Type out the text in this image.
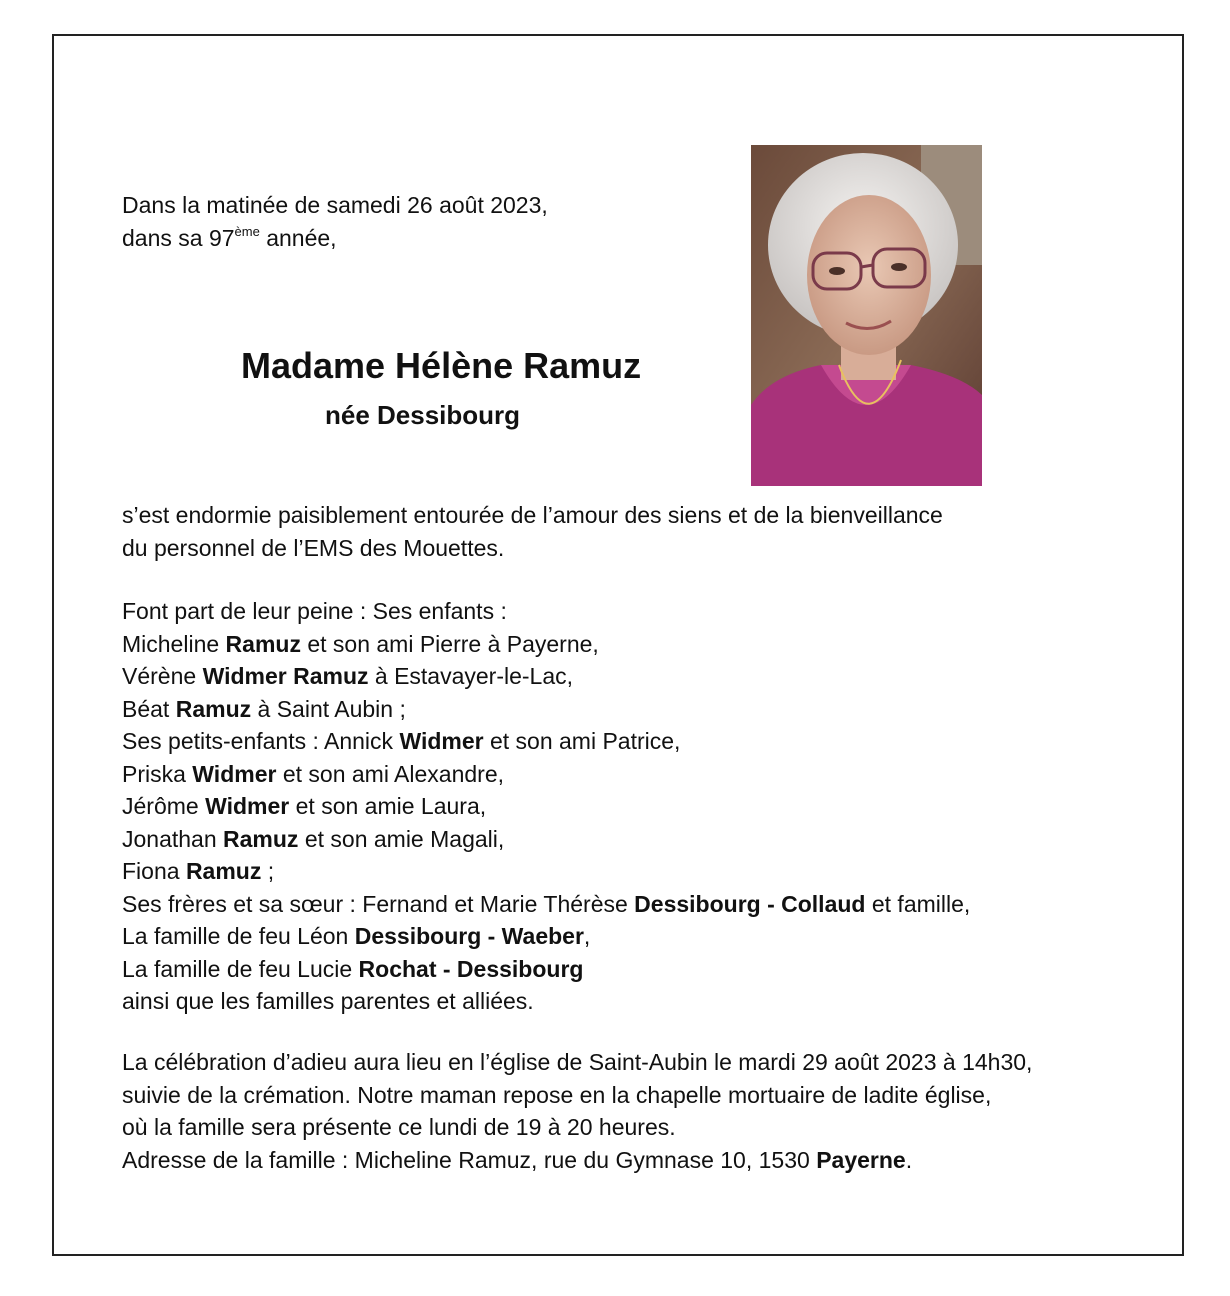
Dans la matinée de samedi 26 août 2023,
dans sa 97ème année,
Madame Hélène Ramuz
née Dessibourg
s’est endormie paisiblement entourée de l’amour des siens et de la bienveillance
du personnel de l’EMS des Mouettes.
Font part de leur peine : Ses enfants :
Micheline Ramuz et son ami Pierre à Payerne,
Vérène Widmer Ramuz à Estavayer-le-Lac,
Béat Ramuz à Saint Aubin ;
Ses petits-enfants : Annick Widmer et son ami Patrice,
Priska Widmer et son ami Alexandre,
Jérôme Widmer et son amie Laura,
Jonathan Ramuz et son amie Magali,
Fiona Ramuz ;
Ses frères et sa sœur : Fernand et Marie Thérèse Dessibourg - Collaud et famille,
La famille de feu Léon Dessibourg - Waeber,
La famille de feu Lucie Rochat - Dessibourg
ainsi que les familles parentes et alliées.
La célébration d’adieu aura lieu en l’église de Saint-Aubin le mardi 29 août 2023 à 14h30,
suivie de la crémation. Notre maman repose en la chapelle mortuaire de ladite église,
où la famille sera présente ce lundi de 19 à 20 heures.
Adresse de la famille : Micheline Ramuz, rue du Gymnase 10, 1530 Payerne.
